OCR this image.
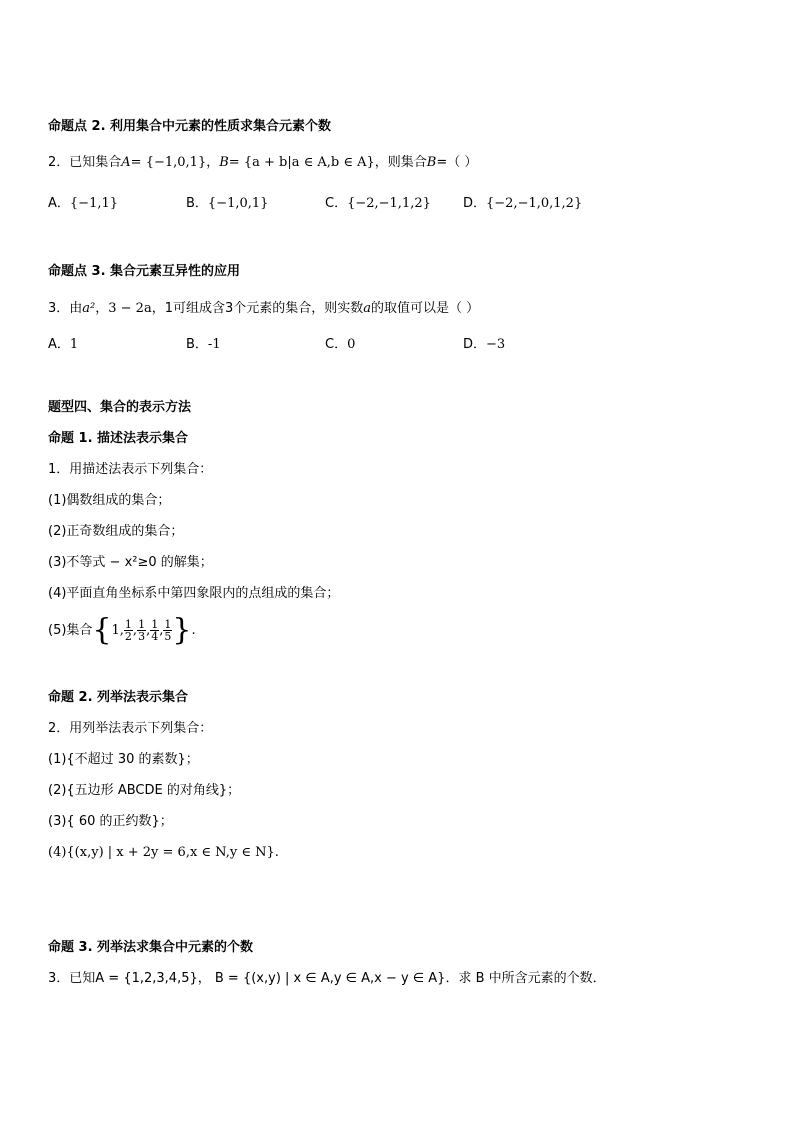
命题点 2. 利用集合中元素的性质求集合元素个数
2．已知集合A= {−1,0,1}，B= {a + b|a ∈ A,b ∈ A}，则集合B=（ ）
A．{−1,1}	B．{−1,0,1}	C．{−2,−1,1,2} D．{−2,−1,0,1,2}
命题点 3. 集合元素互异性的应用
3．由a²，3 − 2a，1可组成含3个元素的集合，则实数a的取值可以是（ ）
A．1	B．-1	C．0	D．−3
题型四、集合的表示方法
命题 1. 描述法表示集合
1．用描述法表示下列集合：
(1)偶数组成的集合；
(2)正奇数组成的集合；
(3)不等式 − x²≥0 的解集；
(4)平面直角坐标系中第四象限内的点组成的集合；
(5)集合{1, $\frac{1}{2}$ , $\frac{1}{3}$ , $\frac{1}{4}$ , $\frac{1}{5}$ }.
命题 2. 列举法表示集合
2．用列举法表示下列集合：
(1){不超过 30 的素数}；
(2){五边形 ABCDE 的对角线}；
(3){ 60 的正约数}；
(4){(x,y) | x + 2y = 6,x ∈ N,y ∈ N}.
命题 3. 列举法求集合中元素的个数
3．已知A = {1,2,3,4,5}， B = {(x,y) | x ∈ A,y ∈ A,x − y ∈ A}．求 B 中所含元素的个数．
